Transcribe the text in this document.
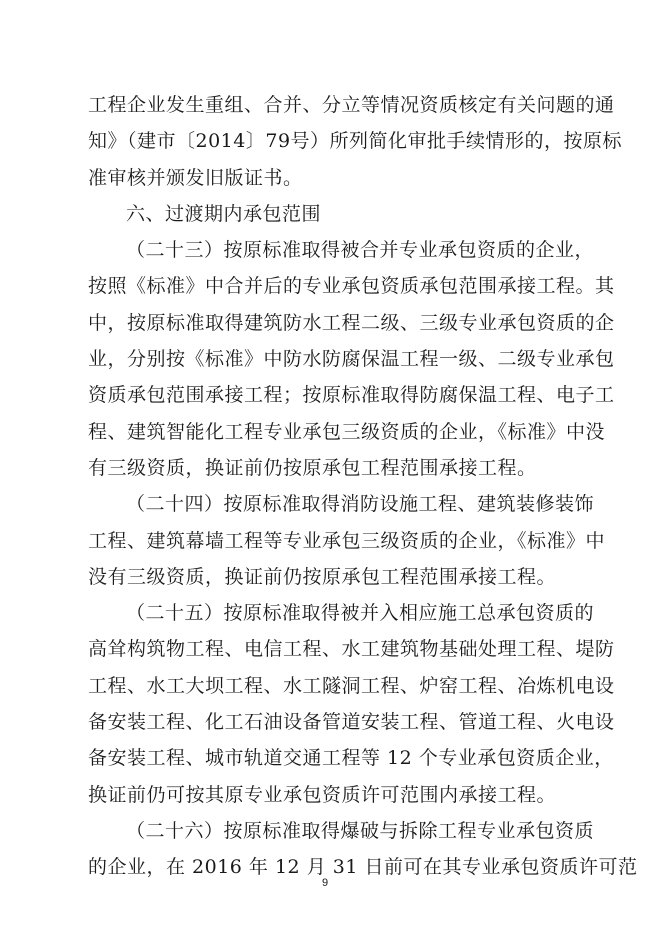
工程企业发生重组、合并、分立等情况资质核定有关问题的通
知》（建市〔2014〕79号）所列简化审批手续情形的，按原标
准审核并颁发旧版证书。
六、过渡期内承包范围
（二十三）按原标准取得被合并专业承包资质的企业，
按照《标准》中合并后的专业承包资质承包范围承接工程。其
中，按原标准取得建筑防水工程二级、三级专业承包资质的企
业，分别按《标准》中防水防腐保温工程一级、二级专业承包
资质承包范围承接工程；按原标准取得防腐保温工程、电子工
程、建筑智能化工程专业承包三级资质的企业，《标准》中没
有三级资质，换证前仍按原承包工程范围承接工程。
（二十四）按原标准取得消防设施工程、建筑装修装饰
工程、建筑幕墙工程等专业承包三级资质的企业，《标准》中
没有三级资质，换证前仍按原承包工程范围承接工程。
（二十五）按原标准取得被并入相应施工总承包资质的
高耸构筑物工程、电信工程、水工建筑物基础处理工程、堤防
工程、水工大坝工程、水工隧洞工程、炉窑工程、冶炼机电设
备安装工程、化工石油设备管道安装工程、管道工程、火电设
备安装工程、城市轨道交通工程等 12 个专业承包资质企业，
换证前仍可按其原专业承包资质许可范围内承接工程。
（二十六）按原标准取得爆破与拆除工程专业承包资质
的企业，在 2016 年 12 月 31 日前可在其专业承包资质许可范
9
